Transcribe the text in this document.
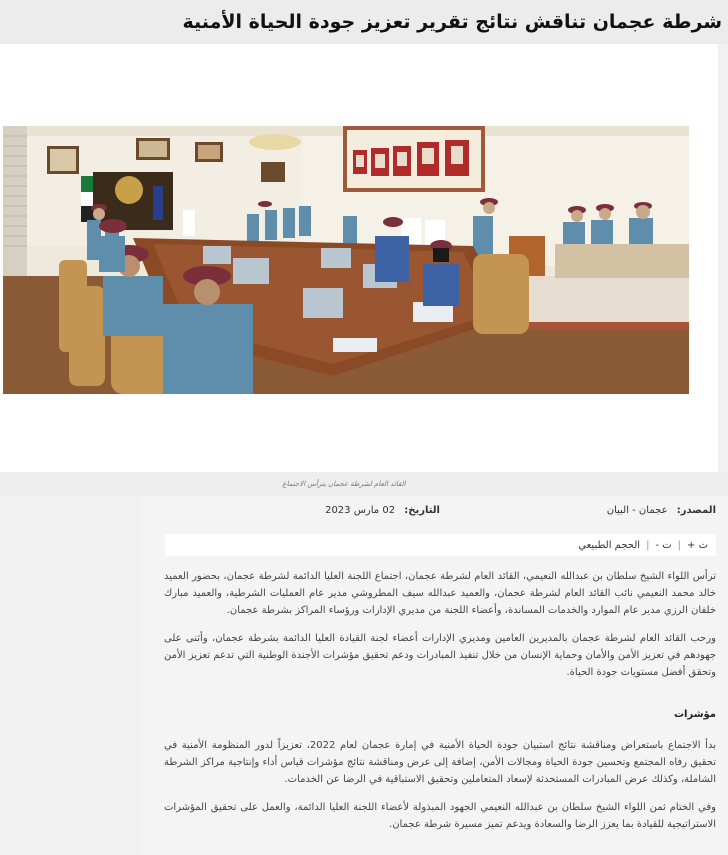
شرطة عجمان تناقش نتائج تقرير تعزيز جودة الحياة الأمنية
القائد العام لشرطة عجمان يترأس الاجتماع
المصدر: عجمان - البيان
التاريخ: 02 مارس 2023
ت +
|
ت -
|
الحجم الطبيعي

ترأس اللواء الشيخ سلطان بن عبدالله النعيمي، القائد العام لشرطة عجمان، اجتماع اللجنة العليا الدائمة لشرطة عجمان، بحضور العميد خالد محمد النعيمي نائب القائد العام لشرطة عجمان، والعميد عبدالله سيف المطروشي مدير عام العمليات الشرطية، والعميد مبارك خلفان الرزي مدير عام الموارد والخدمات المساندة، وأعضاء اللجنة من مديري الإدارات ورؤساء المراكز بشرطة عجمان.

ورحب القائد العام لشرطة عجمان بالمديرين العامين ومديري الإدارات أعضاء لجنة القيادة العليا الدائمة بشرطة عجمان، وأثنى على جهودهم في تعزيز الأمن والأمان وحماية الإنسان من خلال تنفيذ المبادرات ودعم تحقيق مؤشرات الأجندة الوطنية التي تدعم تعزيز الأمن وتحقق أفضل مستويات جودة الحياة.

مؤشرات

بدأ الاجتماع باستعراض ومناقشة نتائج استبيان جودة الحياة الأمنية في إمارة عجمان لعام 2022، تعزيزاً لدور المنظومة الأمنية في تحقيق رفاه المجتمع وتحسين جودة الحياة ومجالات الأمن، إضافة إلى عرض ومناقشة نتائج مؤشرات قياس أداء وإنتاجية مراكز الشرطة الشاملة، وكذلك عرض المبادرات المستحدثة لإسعاد المتعاملين وتحقيق الاستباقية في الرضا عن الخدمات.

وفي الختام ثمن اللواء الشيخ سلطان بن عبدالله النعيمي الجهود المبذولة لأعضاء اللجنة العليا الدائمة، والعمل على تحقيق المؤشرات الاستراتيجية للقيادة بما يعزز الرضا والسعادة ويدعم تميز مسيرة شرطة عجمان.
